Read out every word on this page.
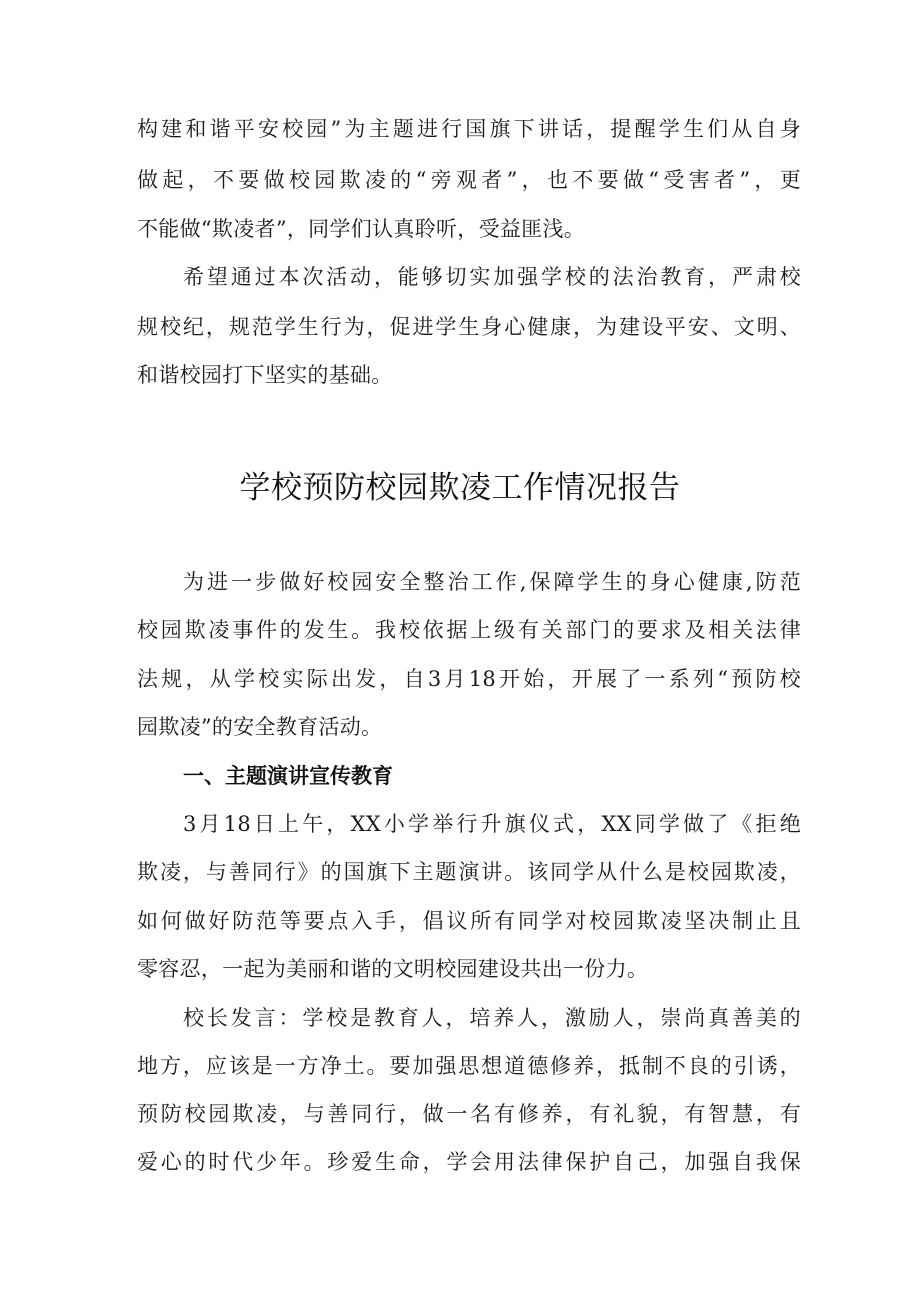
构建和谐平安校园”为主题进行国旗下讲话，提醒学生们从自身
做起，不要做校园欺凌的“旁观者”，也不要做“受害者”，更
不能做“欺凌者”，同学们认真聆听，受益匪浅。
希望通过本次活动，能够切实加强学校的法治教育，严肃校
规校纪，规范学生行为，促进学生身心健康，为建设平安、文明、
和谐校园打下坚实的基础。
学校预防校园欺凌工作情况报告
为进一步做好校园安全整治工作,保障学生的身心健康,防范
校园欺凌事件的发生。我校依据上级有关部门的要求及相关法律
法规，从学校实际出发，自3月18开始，开展了一系列“预防校
园欺凌”的安全教育活动。
一、主题演讲宣传教育
3月18日上午，XX小学举行升旗仪式，XX同学做了《拒绝
欺凌，与善同行》的国旗下主题演讲。该同学从什么是校园欺凌，
如何做好防范等要点入手，倡议所有同学对校园欺凌坚决制止且
零容忍，一起为美丽和谐的文明校园建设共出一份力。
校长发言：学校是教育人，培养人，激励人，崇尚真善美的
地方，应该是一方净土。要加强思想道德修养，抵制不良的引诱，
预防校园欺凌，与善同行，做一名有修养，有礼貌，有智慧，有
爱心的时代少年。珍爱生命，学会用法律保护自己，加强自我保
